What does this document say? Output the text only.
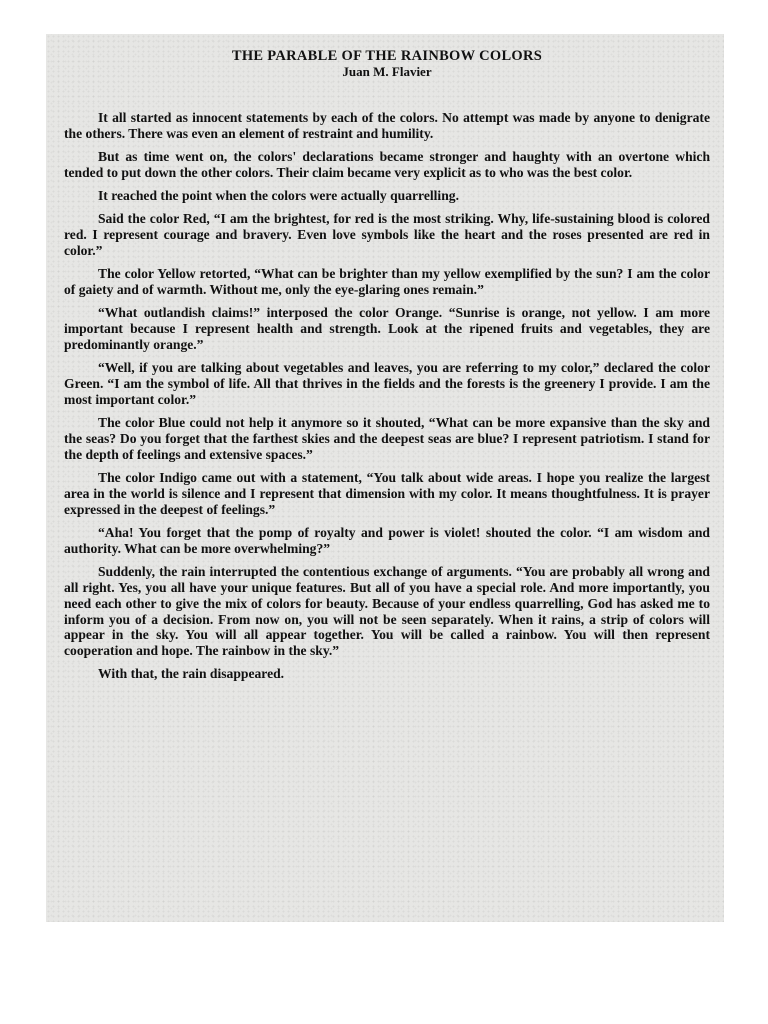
THE PARABLE OF THE RAINBOW COLORS
Juan M. Flavier

It all started as innocent statements by each of the colors. No attempt was made by anyone to denigrate the others. There was even an element of restraint and humility.

But as time went on, the colors' declarations became stronger and haughty with an overtone which tended to put down the other colors. Their claim became very explicit as to who was the best color.

It reached the point when the colors were actually quarrelling.

Said the color Red, “I am the brightest, for red is the most striking. Why, life-sustaining blood is colored red. I represent courage and bravery. Even love symbols like the heart and the roses presented are red in color.”

The color Yellow retorted, “What can be brighter than my yellow exemplified by the sun? I am the color of gaiety and of warmth. Without me, only the eye-glaring ones remain.”

“What outlandish claims!” interposed the color Orange. “Sunrise is orange, not yellow. I am more important because I represent health and strength. Look at the ripened fruits and vegetables, they are predominantly orange.”

“Well, if you are talking about vegetables and leaves, you are referring to my color,” declared the color Green. “I am the symbol of life. All that thrives in the fields and the forests is the greenery I provide. I am the most important color.”

The color Blue could not help it anymore so it shouted, “What can be more expansive than the sky and the seas? Do you forget that the farthest skies and the deepest seas are blue? I represent patriotism. I stand for the depth of feelings and extensive spaces.”

The color Indigo came out with a statement, “You talk about wide areas. I hope you realize the largest area in the world is silence and I represent that dimension with my color. It means thoughtfulness. It is prayer expressed in the deepest of feelings.”

“Aha! You forget that the pomp of royalty and power is violet! shouted the color. “I am wisdom and authority. What can be more overwhelming?”

Suddenly, the rain interrupted the contentious exchange of arguments. “You are probably all wrong and all right. Yes, you all have your unique features. But all of you have a special role. And more importantly, you need each other to give the mix of colors for beauty. Because of your endless quarrelling, God has asked me to inform you of a decision. From now on, you will not be seen separately. When it rains, a strip of colors will appear in the sky. You will all appear together. You will be called a rainbow. You will then represent cooperation and hope. The rainbow in the sky.”

With that, the rain disappeared.
